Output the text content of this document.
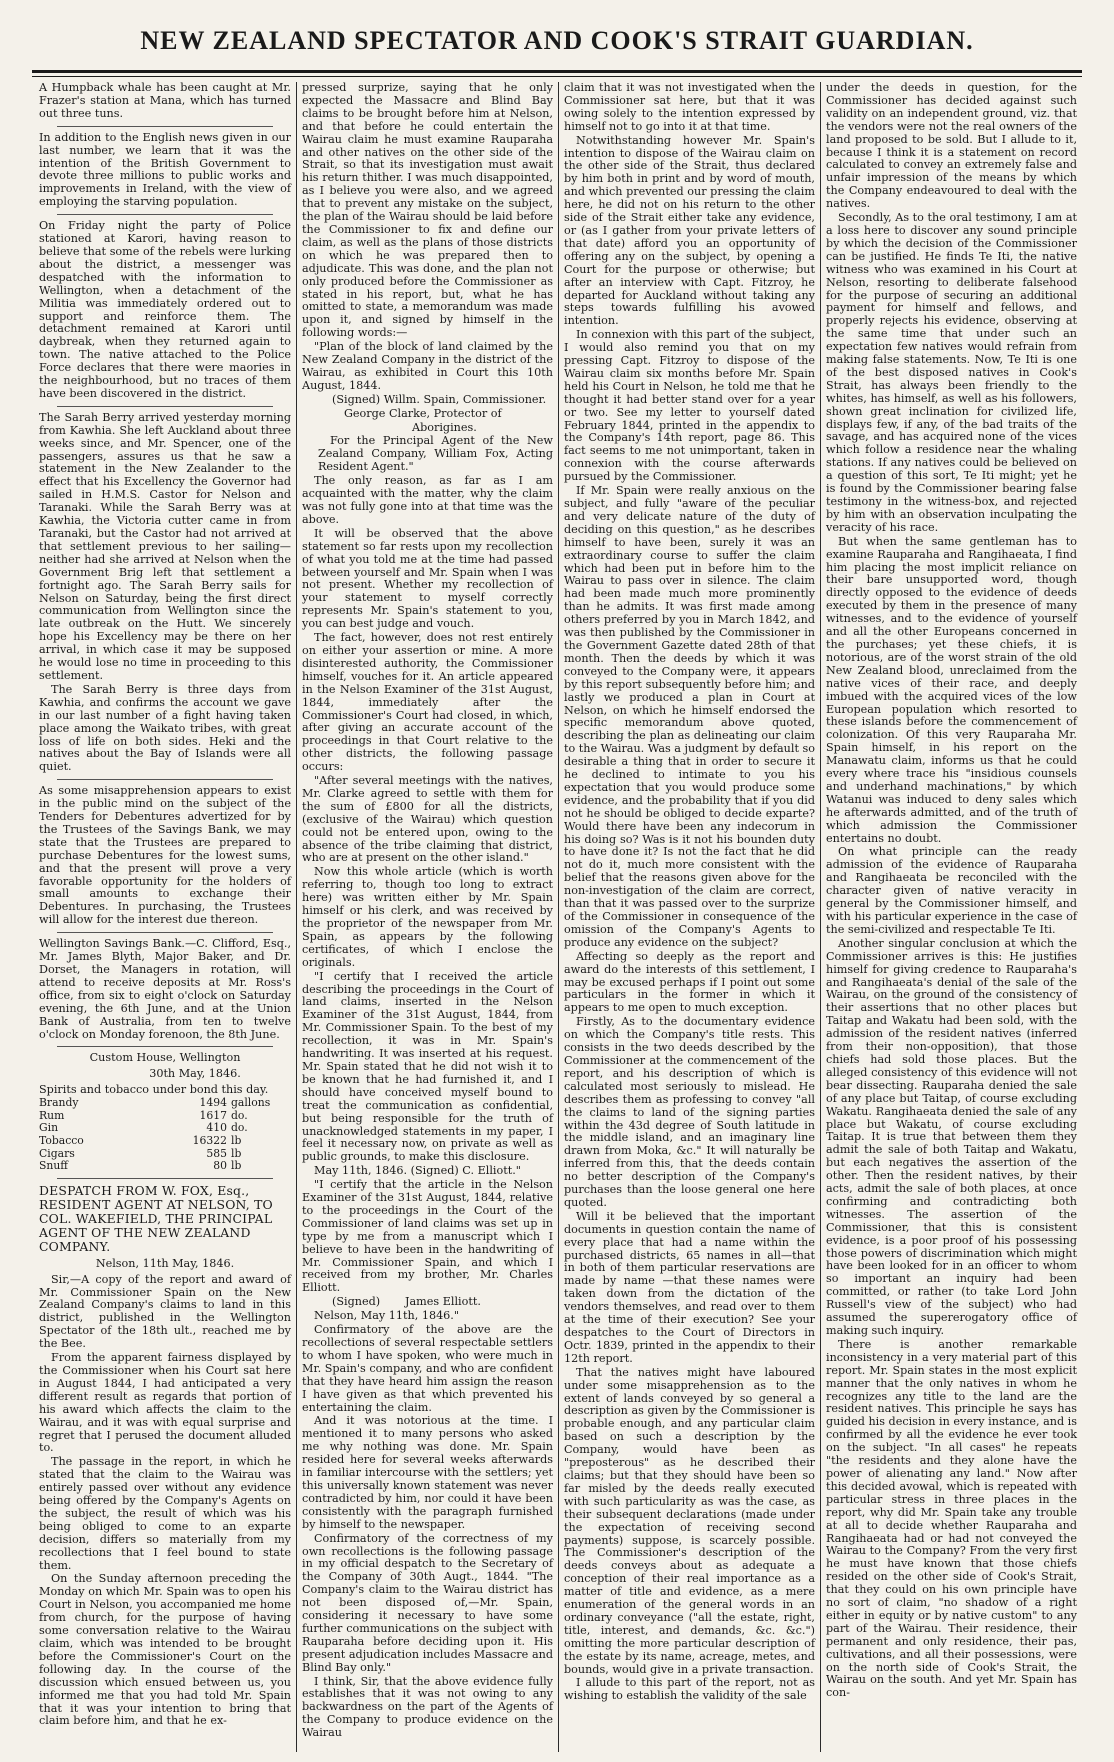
NEW ZEALAND SPECTATOR AND COOK'S STRAIT GUARDIAN.

A Humpback whale has been caught at Mr. Frazer's station at Mana, which has turned out three tuns.

In addition to the English news given in our last number, we learn that it was the intention of the British Government to devote three millions to public works and improvements in Ireland, with the view of employing the starving population.

On Friday night the party of Police stationed at Karori, having reason to believe that some of the rebels were lurking about the district, a messenger was despatched with the information to Wellington, when a detachment of the Militia was immediately ordered out to support and reinforce them. The detachment remained at Karori until daybreak, when they returned again to town. The native attached to the Police Force declares that there were maories in the neighbourhood, but no traces of them have been discovered in the district.

The Sarah Berry arrived yesterday morning from Kawhia. She left Auckland about three weeks since, and Mr. Spencer, one of the passengers, assures us that he saw a statement in the New Zealander to the effect that his Excellency the Governor had sailed in H.M.S. Castor for Nelson and Taranaki. While the Sarah Berry was at Kawhia, the Victoria cutter came in from Taranaki, but the Castor had not arrived at that settlement previous to her sailing—neither had she arrived at Nelson when the Government Brig left that settlement a fortnight ago. The Sarah Berry sails for Nelson on Saturday, being the first direct communication from Wellington since the late outbreak on the Hutt. We sincerely hope his Excellency may be there on her arrival, in which case it may be supposed he would lose no time in proceeding to this settlement.

The Sarah Berry is three days from Kawhia, and confirms the account we gave in our last number of a fight having taken place among the Waikato tribes, with great loss of life on both sides. Heki and the natives about the Bay of Islands were all quiet.

As some misapprehension appears to exist in the public mind on the subject of the Tenders for Debentures advertized for by the Trustees of the Savings Bank, we may state that the Trustees are prepared to purchase Debentures for the lowest sums, and that the present will prove a very favorable opportunity for the holders of small amounts to exchange their Debentures. In purchasing, the Trustees will allow for the interest due thereon.

Wellington Savings Bank.—C. Clifford, Esq., Mr. James Blyth, Major Baker, and Dr. Dorset, the Managers in rotation, will attend to receive deposits at Mr. Ross's office, from six to eight o'clock on Saturday evening, the 6th June, and at the Union Bank of Australia, from ten to twelve o'clock on Monday forenoon, the 8th June.

Custom House, Wellington
30th May, 1846.
Spirits and tobacco under bond this day.
Brandy	1494	gallons
Rum	1617	do.
Gin	410	do.
Tobacco	16322	lb
Cigars	585	lb
Snuff	80	lb
DESPATCH FROM W. FOX, Esq., RESIDENT AGENT AT NELSON, TO COL. WAKEFIELD, THE PRINCIPAL AGENT OF THE NEW ZEALAND COMPANY.
Nelson, 11th May, 1846.

Sir,—A copy of the report and award of Mr. Commissioner Spain on the New Zealand Company's claims to land in this district, published in the Wellington Spectator of the 18th ult., reached me by the Bee.

From the apparent fairness displayed by the Commissioner when his Court sat here in August 1844, I had anticipated a very different result as regards that portion of his award which affects the claim to the Wairau, and it was with equal surprise and regret that I perused the document alluded to.

The passage in the report, in which he stated that the claim to the Wairau was entirely passed over without any evidence being offered by the Company's Agents on the subject, the result of which was his being obliged to come to an exparte decision, differs so materially from my recollections that I feel bound to state them.

On the Sunday afternoon preceding the Monday on which Mr. Spain was to open his Court in Nelson, you accompanied me home from church, for the purpose of having some conversation relative to the Wairau claim, which was intended to be brought before the Commissioner's Court on the following day. In the course of the discussion which ensued between us, you informed me that you had told Mr. Spain that it was your intention to bring that claim before him, and that he ex-

pressed surprize, saying that he only expected the Massacre and Blind Bay claims to be brought before him at Nelson, and that before he could entertain the Wairau claim he must examine Rauparaha and other natives on the other side of the Strait, so that its investigation must await his return thither. I was much disappointed, as I believe you were also, and we agreed that to prevent any mistake on the subject, the plan of the Wairau should be laid before the Commissioner to fix and define our claim, as well as the plans of those districts on which he was prepared then to adjudicate. This was done, and the plan not only produced before the Commissioner as stated in his report, but, what he has omitted to state, a memorandum was made upon it, and signed by himself in the following words:—

"Plan of the block of land claimed by the New Zealand Company in the district of the Wairau, as exhibited in Court this 10th August, 1844.

(Signed) Willm. Spain, Commissioner.
George Clarke, Protector of
Aborigines.

For the Principal Agent of the New Zealand Company, William Fox, Acting Resident Agent."

The only reason, as far as I am acquainted with the matter, why the claim was not fully gone into at that time was the above.

It will be observed that the above statement so far rests upon my recollection of what you told me at the time had passed between yourself and Mr. Spain when I was not present. Whether my recollection of your statement to myself correctly represents Mr. Spain's statement to you, you can best judge and vouch.

The fact, however, does not rest entirely on either your assertion or mine. A more disinterested authority, the Commissioner himself, vouches for it. An article appeared in the Nelson Examiner of the 31st August, 1844, immediately after the Commissioner's Court had closed, in which, after giving an accurate account of the proceedings in that Court relative to the other districts, the following passage occurs:

"After several meetings with the natives, Mr. Clarke agreed to settle with them for the sum of £800 for all the districts, (exclusive of the Wairau) which question could not be entered upon, owing to the absence of the tribe claiming that district, who are at present on the other island."

Now this whole article (which is worth referring to, though too long to extract here) was written either by Mr. Spain himself or his clerk, and was received by the proprietor of the newspaper from Mr. Spain, as appears by the following certificates, of which I enclose the originals.

"I certify that I received the article describing the proceedings in the Court of land claims, inserted in the Nelson Examiner of the 31st August, 1844, from Mr. Commissioner Spain. To the best of my recollection, it was in Mr. Spain's handwriting. It was inserted at his request. Mr. Spain stated that he did not wish it to be known that he had furnished it, and I should have conceived myself bound to treat the communication as confidential, but being responsible for the truth of unacknowledged statements in my paper, I feel it necessary now, on private as well as public grounds, to make this disclosure.

May 11th, 1846. (Signed) C. Elliott."

"I certify that the article in the Nelson Examiner of the 31st August, 1844, relative to the proceedings in the Court of the Commissioner of land claims was set up in type by me from a manuscript which I believe to have been in the handwriting of Mr. Commissioner Spain, and which I received from my brother, Mr. Charles Elliott.

(Signed) James Elliott.
Nelson, May 11th, 1846."

Confirmatory of the above are the recollections of several respectable settlers to whom I have spoken, who were much in Mr. Spain's company, and who are confident that they have heard him assign the reason I have given as that which prevented his entertaining the claim.

And it was notorious at the time. I mentioned it to many persons who asked me why nothing was done. Mr. Spain resided here for several weeks afterwards in familiar intercourse with the settlers; yet this universally known statement was never contradicted by him, nor could it have been consistently with the paragraph furnished by himself to the newspaper.

Confirmatory of the correctness of my own recollections is the following passage in my official despatch to the Secretary of the Company of 30th Augt., 1844. "The Company's claim to the Wairau district has not been disposed of,—Mr. Spain, considering it necessary to have some further communications on the subject with Rauparaha before deciding upon it. His present adjudication includes Massacre and Blind Bay only."

I think, Sir, that the above evidence fully establishes that it was not owing to any backwardness on the part of the Agents of the Company to produce evidence on the Wairau

claim that it was not investigated when the Commissioner sat here, but that it was owing solely to the intention expressed by himself not to go into it at that time.

Notwithstanding however Mr. Spain's intention to dispose of the Wairau claim on the other side of the Strait, thus declared by him both in print and by word of mouth, and which prevented our pressing the claim here, he did not on his return to the other side of the Strait either take any evidence, or (as I gather from your private letters of that date) afford you an opportunity of offering any on the subject, by opening a Court for the purpose or otherwise; but after an interview with Capt. Fitzroy, he departed for Auckland without taking any steps towards fulfilling his avowed intention.

In connexion with this part of the subject, I would also remind you that on my pressing Capt. Fitzroy to dispose of the Wairau claim six months before Mr. Spain held his Court in Nelson, he told me that he thought it had better stand over for a year or two. See my letter to yourself dated February 1844, printed in the appendix to the Company's 14th report, page 86. This fact seems to me not unimportant, taken in connexion with the course afterwards pursued by the Commissioner.

If Mr. Spain were really anxious on the subject, and fully "aware of the peculiar and very delicate nature of the duty of deciding on this question," as he describes himself to have been, surely it was an extraordinary course to suffer the claim which had been put in before him to the Wairau to pass over in silence. The claim had been made much more prominently than he admits. It was first made among others preferred by you in March 1842, and was then published by the Commissioner in the Government Gazette dated 28th of that month. Then the deeds by which it was conveyed to the Company were, it appears by this report subsequently before him; and lastly we produced a plan in Court at Nelson, on which he himself endorsed the specific memorandum above quoted, describing the plan as delineating our claim to the Wairau. Was a judgment by default so desirable a thing that in order to secure it he declined to intimate to you his expectation that you would produce some evidence, and the probability that if you did not he should be obliged to decide exparte? Would there have been any indecorum in his doing so? Was is it not his bounden duty to have done it? Is not the fact that he did not do it, much more consistent with the belief that the reasons given above for the non-investigation of the claim are correct, than that it was passed over to the surprize of the Commissioner in consequence of the omission of the Company's Agents to produce any evidence on the subject?

Affecting so deeply as the report and award do the interests of this settlement, I may be excused perhaps if I point out some particulars in the former in which it appears to me open to much exception.

Firstly, As to the documentary evidence on which the Company's title rests. This consists in the two deeds described by the Commissioner at the commencement of the report, and his description of which is calculated most seriously to mislead. He describes them as professing to convey "all the claims to land of the signing parties within the 43d degree of South latitude in the middle island, and an imaginary line drawn from Moka, &c." It will naturally be inferred from this, that the deeds contain no better description of the Company's purchases than the loose general one here quoted.

Will it be believed that the important documents in question contain the name of every place that had a name within the purchased districts, 65 names in all—that in both of them particular reservations are made by name —that these names were taken down from the dictation of the vendors themselves, and read over to them at the time of their execution? See your despatches to the Court of Directors in Octr. 1839, printed in the appendix to their 12th report.

That the natives might have laboured under some misapprehension as to the extent of lands conveyed by so general a description as given by the Commissioner is probable enough, and any particular claim based on such a description by the Company, would have been as "preposterous" as he described their claims; but that they should have been so far misled by the deeds really executed with such particularity as was the case, as their subsequent declarations (made under the expectation of receiving second payments) suppose, is scarcely possible. The Commissioner's description of the deeds conveys about as adequate a conception of their real importance as a matter of title and evidence, as a mere enumeration of the general words in an ordinary conveyance ("all the estate, right, title, interest, and demands, &c. &c.") omitting the more particular description of the estate by its name, acreage, metes, and bounds, would give in a private transaction.

I allude to this part of the report, not as wishing to establish the validity of the sale

under the deeds in question, for the Commissioner has decided against such validity on an independent ground, viz. that the vendors were not the real owners of the land proposed to be sold. But I allude to it, because I think it is a statement on record calculated to convey an extremely false and unfair impression of the means by which the Company endeavoured to deal with the natives.

Secondly, As to the oral testimony, I am at a loss here to discover any sound principle by which the decision of the Commissioner can be justified. He finds Te Iti, the native witness who was examined in his Court at Nelson, resorting to deliberate falsehood for the purpose of securing an additional payment for himself and fellows, and properly rejects his evidence, observing at the same time that under such an expectation few natives would refrain from making false statements. Now, Te Iti is one of the best disposed natives in Cook's Strait, has always been friendly to the whites, has himself, as well as his followers, shown great inclination for civilized life, displays few, if any, of the bad traits of the savage, and has acquired none of the vices which follow a residence near the whaling stations. If any natives could be believed on a question of this sort, Te Iti might; yet he is found by the Commissioner bearing false testimony in the witness-box, and rejected by him with an observation inculpating the veracity of his race.

But when the same gentleman has to examine Rauparaha and Rangihaeata, I find him placing the most implicit reliance on their bare unsupported word, though directly opposed to the evidence of deeds executed by them in the presence of many witnesses, and to the evidence of yourself and all the other Europeans concerned in the purchases; yet these chiefs, it is notorious, are of the worst strain of the old New Zealand blood, unreclaimed from the native vices of their race, and deeply imbued with the acquired vices of the low European population which resorted to these islands before the commencement of colonization. Of this very Rauparaha Mr. Spain himself, in his report on the Manawatu claim, informs us that he could every where trace his "insidious counsels and underhand machinations," by which Watanui was induced to deny sales which he afterwards admitted, and of the truth of which admission the Commissioner entertains no doubt.

On what principle can the ready admission of the evidence of Rauparaha and Rangihaeata be reconciled with the character given of native veracity in general by the Commissioner himself, and with his particular experience in the case of the semi-civilized and respectable Te Iti.

Another singular conclusion at which the Commissioner arrives is this: He justifies himself for giving credence to Rauparaha's and Rangihaeata's denial of the sale of the Wairau, on the ground of the consistency of their assertions that no other places but Taitap and Wakatu had been sold, with the admission of the resident natives (inferred from their non-opposition), that those chiefs had sold those places. But the alleged consistency of this evidence will not bear dissecting. Rauparaha denied the sale of any place but Taitap, of course excluding Wakatu. Rangihaeata denied the sale of any place but Wakatu, of course excluding Taitap. It is true that between them they admit the sale of both Taitap and Wakatu, but each negatives the assertion of the other. Then the resident natives, by their acts, admit the sale of both places, at once confirming and contradicting both witnesses. The assertion of the Commissioner, that this is consistent evidence, is a poor proof of his possessing those powers of discrimination which might have been looked for in an officer to whom so important an inquiry had been committed, or rather (to take Lord John Russell's view of the subject) who had assumed the supererogatory office of making such inquiry.

There is another remarkable inconsistency in a very material part of this report. Mr. Spain states in the most explicit manner that the only natives in whom he recognizes any title to the land are the resident natives. This principle he says has guided his decision in every instance, and is confirmed by all the evidence he ever took on the subject. "In all cases" he repeats "the residents and they alone have the power of alienating any land." Now after this decided avowal, which is repeated with particular stress in three places in the report, why did Mr. Spain take any trouble at all to decide whether Rauparaha and Rangihaeata had or had not conveyed the Wairau to the Company? From the very first he must have known that those chiefs resided on the other side of Cook's Strait, that they could on his own principle have no sort of claim, "no shadow of a right either in equity or by native custom" to any part of the Wairau. Their residence, their permanent and only residence, their pas, cultivations, and all their possessions, were on the north side of Cook's Strait, the Wairau on the south. And yet Mr. Spain has con-
